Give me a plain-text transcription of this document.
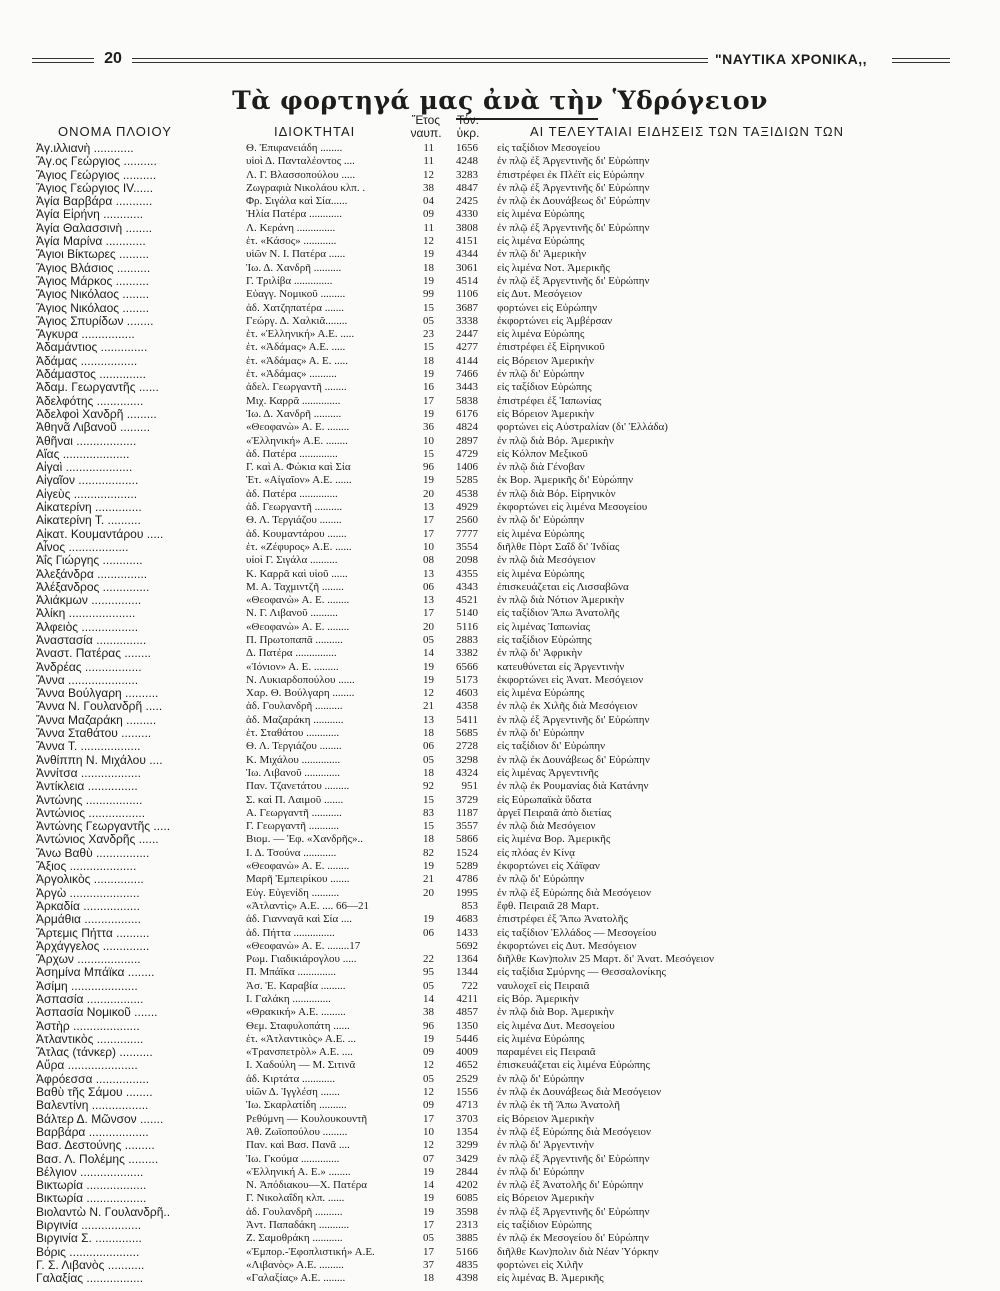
20	"ΝΑΥΤΙΚΑ ΧΡΟΝΙΚΑ,,
Τὰ φορτηγά μας ἀνὰ τὴν Ὑδρόγειον
ΟΝΟΜΑ ΠΛΟΙΟΥ	ΙΔΙΟΚΤΗΤΑΙ
Ἔτος
ναυπ.
Τόν.
ὑκρ.	ΑΙ ΤΕΛΕΥΤΑΙΑΙ ΕΙΔΗΣΕΙΣ ΤΩΝ ΤΑΞΙΔΙΩΝ ΤΩΝ
Ἀγ.ιλλιανὴ ............	Θ. Ἐπιφανειάδη ........	11	1656 εἰς ταξίδιον Μεσογείου
Ἅγ.ος Γεώργιος ..........	υἱοὶ Δ. Πανταλέοντος ....	11	4248 ἐν πλῷ ἐξ Ἀργεντινῆς δι' Εὐρώπην
Ἅγιος Γεώργιος ..........	Λ. Γ. Βλασσοπούλου .....	12	3283 ἐπιστρέφει ἐκ Πλέϊτ εἰς Εὐρώπην
Ἅγιος Γεώργιος IV......	Ζωγραφιὰ Νικολάου κλπ. .	38	4847 ἐν πλῷ ἐξ Ἀργεντινῆς δι' Εὐρώπην
Ἁγία Βαρβάρα ...........	Φρ. Σιγάλα καὶ Σία......	04	2425 ἐν πλῷ ἐκ Δουνάβεως δι' Εὐρώπην
Ἁγία Εἰρήνη ............	Ἠλία Πατέρα ............	09	4330 εἰς λιμένα Εὐρώπης
Ἁγία Θαλασσινὴ ........	Λ. Κεράνη ..............	11	3808 ἐν πλῷ ἐξ Ἀργεντινῆς δι' Εὐρώπην
Ἁγία Μαρίνα ............	ἑτ. «Κάσος» ............	12	4151 εἰς λιμένα Εὐρώπης
Ἅγιοι Βίκτωρες .........	υἱῶν Ν. Ι. Πατέρα ......	19	4344 ἐν πλῷ δι' Ἀμερικὴν
Ἅγιος Βλάσιος ..........	Ἰω. Δ. Χανδρῆ ..........	18	3061 εἰς λιμένα Νοτ. Ἀμερικῆς
Ἅγιος Μάρκος ..........	Γ. Τριλίβα ..............	19	4514 ἐν πλῷ ἐξ Ἀργεντινῆς δι' Εὐρώπην
Ἅγιος Νικόλαος ........	Εὐαγγ. Νομικοῦ .........	99	1106 εἰς Δυτ. Μεσόγειον
Ἅγιος Νικόλαος ........	ἀδ. Χατζηπατέρα .......	15	3687 φορτώνει εἰς Εὐρώπην
Ἅγιος Σπυρίδων ........	Γεώργ. Δ. Χαλκιᾶ........	05	3338 ἐκφορτώνει εἰς Ἀμβέρσαν
Ἄγκυρα ................	ἑτ. «Ἑλληνική» Α.Ε. .....	23	2447 εἰς λιμένα Εὐρώπης
Ἀδαμάντιος ..............	ἑτ. «Ἀδάμας» Α.Ε. .....	15	4277 ἐπιστρέφει ἐξ Εἰρηνικοῦ
Ἀδάμας .................	ἑτ. «Ἀδάμας» Α. Ε. .....	18	4144 εἰς Βόρειον Ἀμερικὴν
Ἀδάμαστος ..............	ἑτ. «Ἀδάμας» ..........	19	7466 ἐν πλῷ δι' Εὐρώπην
Ἀδαμ. Γεωργαντῆς ......	ἀδελ. Γεωργαντῆ ........	16	3443 εἰς ταξίδιον Εὐρώπης
Ἀδελφότης ..............	Μιχ. Καρρᾶ ..............	17	5838 ἐπιστρέφει ἐξ Ἰαπωνίας
Ἀδελφοὶ Χανδρῆ .........	Ἰω. Δ. Χανδρῆ ..........	19	6176 εἰς Βόρειον Ἀμερικὴν
Ἀθηνᾶ Λιβανοῦ .........	«Θεοφανὼ» Α. Ε. ........	36	4824 φορτώνει εἰς Αὐστραλίαν (δι' Ἑλλάδα)
Ἀθῆναι ..................	«Ἑλληνική» Α.Ε. ........	10	2897 ἐν πλῷ διὰ Βόρ. Ἀμερικὴν
Αἴας ....................	ἀδ. Πατέρα ..............	15	4729 εἰς Κόλπον Μεξικοῦ
Αἰγαὶ ....................	Γ. καὶ Α. Φώκια καὶ Σία	96	1406 ἐν πλῷ διὰ Γένοβαν
Αἰγαῖον ..................	Ἑτ. «Αἰγαῖον» Α.Ε. ......	19	5285 ἐκ Βορ. Ἀμερικῆς δι' Εὐρώπην
Αἰγεὺς ...................	ἀδ. Πατέρα ..............	20	4538 ἐν πλῷ διὰ Βόρ. Εἰρηνικὸν
Αἰκατερίνη ..............	ἀδ. Γεωργαντῆ ..........	13	4929 ἐκφορτώνει εἰς λιμένα Μεσογείου
Αἰκατερίνη Τ. ..........	Θ. Λ. Τεργιάζου ........	17	2560 ἐν πλῷ δι' Εὐρώπην
Αἰκατ. Κουμαντάρου .....	ἀδ. Κουμαντάρου .......	17	7777 εἰς λιμένα Εὐρώπης
Αἶνος ..................	ἑτ. «Ζέφυρος» Α.Ε. ......	10	3554 διῆλθε Πὸρτ Σαΐδ δι' Ἰνδίας
Ἀΐς Γιώργης ............	υἱοὶ Γ. Σιγάλα ..........	08	2098 ἐν πλῷ διὰ Μεσόγειον
Ἀλεξάνδρα ...............	Κ. Καρρᾶ καὶ υἱοῦ ......	13	4355 εἰς λιμένα Εὐρώπης
Ἀλέξανδρος ..............	Μ. Α. Ταχμιντζῆ ........	06	4343 ἐπισκευάζεται εἰς Λισσαβῶνα
Ἀλιάκμων ...............	«Θεοφανὼ» Α. Ε. ........	13	4521 ἐν πλῷ διὰ Νότιον Ἀμερικὴν
Ἀλίκη ....................	Ν. Γ. Λιβανοῦ ..........	17	5140 εἰς ταξίδιον Ἄπω Ἀνατολῆς
Ἀλφειὸς .................	«Θεοφανὼ» Α. Ε. ........	20	5116 εἰς λιμένας Ἰαπωνίας
Ἀναστασία ...............	Π. Πρωτοπαπᾶ ..........	05	2883 εἰς ταξίδιον Εὐρώπης
Ἀναστ. Πατέρας ........	Δ. Πατέρα ...............	14	3382 ἐν πλῷ δι' Ἀφρικὴν
Ἀνδρέας .................	«Ἰόνιον» Α. Ε. .........	19	6566 κατευθύνεται εἰς Ἀργεντινὴν
Ἄννα .....................	Ν. Λυκιαρδοπούλου ......	19	5173 ἐκφορτώνει εἰς Ἀνατ. Μεσόγειον
Ἄννα Βούλγαρη ..........	Χαρ. Θ. Βούλγαρη ........	12	4603 εἰς λιμένα Εὐρώπης
Ἄννα Ν. Γουλανδρῆ .....	ἀδ. Γουλανδρῆ ..........	21	4358 ἐν πλῷ ἐκ Χιλῆς διὰ Μεσόγειον
Ἄννα Μαζαράκη .........	ἀδ. Μαζαράκη ...........	13	5411 ἐν πλῷ ἐξ Ἀργεντινῆς δι' Εὐρώπην
Ἄννα Σταθάτου .........	ἑτ. Σταθάτου ............	18	5685 ἐν πλῷ δι' Εὐρώπην
Ἄννα Τ. ..................	Θ. Λ. Τεργιάζου ........	06	2728 εἰς ταξίδιον δι' Εὐρώπην
Ἀνθίππη Ν. Μιχάλου ....	Κ. Μιχάλου ..............	05	3298 ἐν πλῷ ἐκ Δουνάβεως δι' Εὐρώπην
Ἀννίτσα ..................	Ἰω. Λιβανοῦ .............	18	4324 εἰς λιμένας Ἀργεντινῆς
Ἀντίκλεια ...............	Παν. Τζανετάτου .........	92	951 ἐν πλῷ ἐκ Ρουμανίας διὰ Κατάνην
Ἀντώνης .................	Σ. καὶ Π. Λαιμοῦ .......	15	3729 εἰς Εὐρωπαϊκὰ ὕδατα
Ἀντώνιος .................	Α. Γεωργαντῆ ...........	83	1187 ἀργεῖ Πειραιᾶ ἀπὸ διετίας
Ἀντώνης Γεωργαντῆς .....	Γ. Γεωργαντῆ ...........	15	3557 ἐν πλῷ διὰ Μεσόγειον
Ἀντώνιος Χανδρῆς ......	Βιομ. — Ἐφ. «Χανδρῆς»..	18	5866 εἰς λιμένα Βορ. Ἀμερικῆς
Ἄνω Βαθὺ ................	Ι. Δ. Τσούνα ............	82	1524 εἰς πλόας ἐν Κίνᾳ
Ἄξιος ....................	«Θεοφανὼ» Α. Ε. ........	19	5289 ἐκφορτώνει εἰς Χάϊφαν
Ἀργολικὸς ...............	Μαρῆ Ἐμπειρίκου .......	21	4786 ἐν πλῷ δι' Εὐρώπην
Ἀργὼ .....................	Εὐγ. Εὐγενίδη ..........	20	1995 ἐν πλῷ ἐξ Εὐρώπης διὰ Μεσόγειον
Ἀρκαδία .................	«Ἀτλαντὶς» Α.Ε. .... 66—21	853 ἔφθ. Πειραιᾶ 28 Μαρτ.
Ἀρμάθια .................	ἀδ. Γιανναγᾶ καὶ Σία ....	19	4683 ἐπιστρέφει ἐξ Ἄπω Ἀνατολῆς
Ἄρτεμις Πήττα ..........	ἀδ. Πήττα ...............	06	1433 εἰς ταξίδιον Ἑλλάδος — Μεσογείου
Ἀρχάγγελος ..............	«Θεοφανὼ» Α. Ε. ........17	5692 ἐκφορτώνει εἰς Δυτ. Μεσόγειον
Ἄρχων ...................	Ρωμ. Γιαδικιάρογλου .....	22	1364 διῆλθε Κων)πολιν 25 Μαρτ. δι' Ἀνατ. Μεσόγειον
Ἀσημίνα Μπάϊκα ........	Π. Μπάϊκα ..............	95	1344 εἰς ταξίδια Σμύρνης — Θεσσαλονίκης
Ἀσίμη ....................	Ἀσ. Ἐ. Καραβία .........	05	722 ναυλοχεῖ εἰς Πειραιᾶ
Ἀσπασία .................	Ι. Γαλάκη ..............	14	4211 εἰς Βόρ. Ἀμερικὴν
Ἀσπασία Νομικοῦ .......	«Θρακική» Α.Ε. .........	38	4857 ἐν πλῷ διὰ Βορ. Ἀμερικὴν
Ἀστὴρ ....................	Θεμ. Σταφυλοπάτη ......	96	1350 εἰς λιμένα Δυτ. Μεσογείου
Ἀτλαντικὸς ..............	ἑτ. «Ἀτλαντικὸς» Α.Ε. ...	19	5446 εἰς λιμένα Εὐρώπης
Ἄτλας (τάνκερ) ..........	«Τρανσπετρὸλ» Α.Ε. ....	09	4009 παραμένει εἰς Πειραιᾶ
Αὔρα .....................	Ι. Χαδούλη — Μ. Σιτινᾶ	12	4652 ἐπισκευάζεται εἰς λιμένα Εὐρώπης
Ἀφρόεσσα ................	ἀδ. Κιρτάτα ............	05	2529 ἐν πλῷ δι' Εὐρώπην
Βαθὺ τῆς Σάμου ........	υἱῶν Δ. Ἰγγλέση .......	12	1556 ἐν πλῷ ἐκ Δουνάβεως διὰ Μεσόγειον
Βαλεντίνη .................	Ἰω. Σκαρλατίδη ..........	09	4713 ἐν πλῷ ἐκ τῆ Ἄπω Ἀνατολῆ
Βάλτερ Δ. Μῶνσον .......	Ρεθύμνη — Κουλουκουντῆ	17	3703 εἰς Βόρειον Ἀμερικὴν
Βαρβάρα ..................	Ἀθ. Ζωϊοπούλου .........	10	1354 ἐν πλῷ ἐξ Εὐρώπης διὰ Μεσόγειον
Βασ. Δεστούνης .........	Παν. καὶ Βασ. Πανᾶ ....	12	3299 ἐν πλῷ δι' Ἀργεντινὴν
Βασ. Λ. Πολέμης .........	Ἰω. Γκούμα ..............	07	3429 ἐν πλῷ ἐξ Ἀργεντινῆς δι' Εὐρώπην
Βέλγιον ...................	«Ἑλληνική Α. Ε.» ........	19	2844 ἐν πλῷ δι' Εὐρώπην
Βικτωρία ..................	Ν. Ἀπόδιακου—Χ. Πατέρα	14	4202 ἐν πλῷ ἐξ Ἀνατολῆς δι' Εὐρώπην
Βικτωρία ..................	Γ. Νικολαΐδη κλπ. ......	19	6085 εἰς Βόρειον Ἀμερικὴν
Βιολαντὼ Ν. Γουλανδρῆ..	ἀδ. Γουλανδρῆ ..........	19	3598 ἐν πλῷ ἐξ Ἀργεντινῆς δι' Εὐρώπην
Βιργινία ..................	Ἀντ. Παπαδάκη ...........	17	2313 εἰς ταξίδιον Εὐρώπης
Βιργινία Σ. ..............	Ζ. Σαμοθράκη ...........	05	3885 ἐν πλῷ ἐκ Μεσογείου δι' Εὐρώπην
Βόρις .....................	«Ἐμπορ.-Ἐφοπλιστική» Α.Ε.	17	5166 διῆλθε Κων)πολιν διὰ Νέαν Ὑόρκην
Γ. Σ. Λιβανὸς ...........	«Λιβανὸς» Α.Ε. .........	37	4835 φορτώνει εἰς Χιλῆν
Γαλαξίας .................	«Γαλαξίας» Α.Ε. ........	18	4398 εἰς λιμένας Β. Ἀμερικῆς
